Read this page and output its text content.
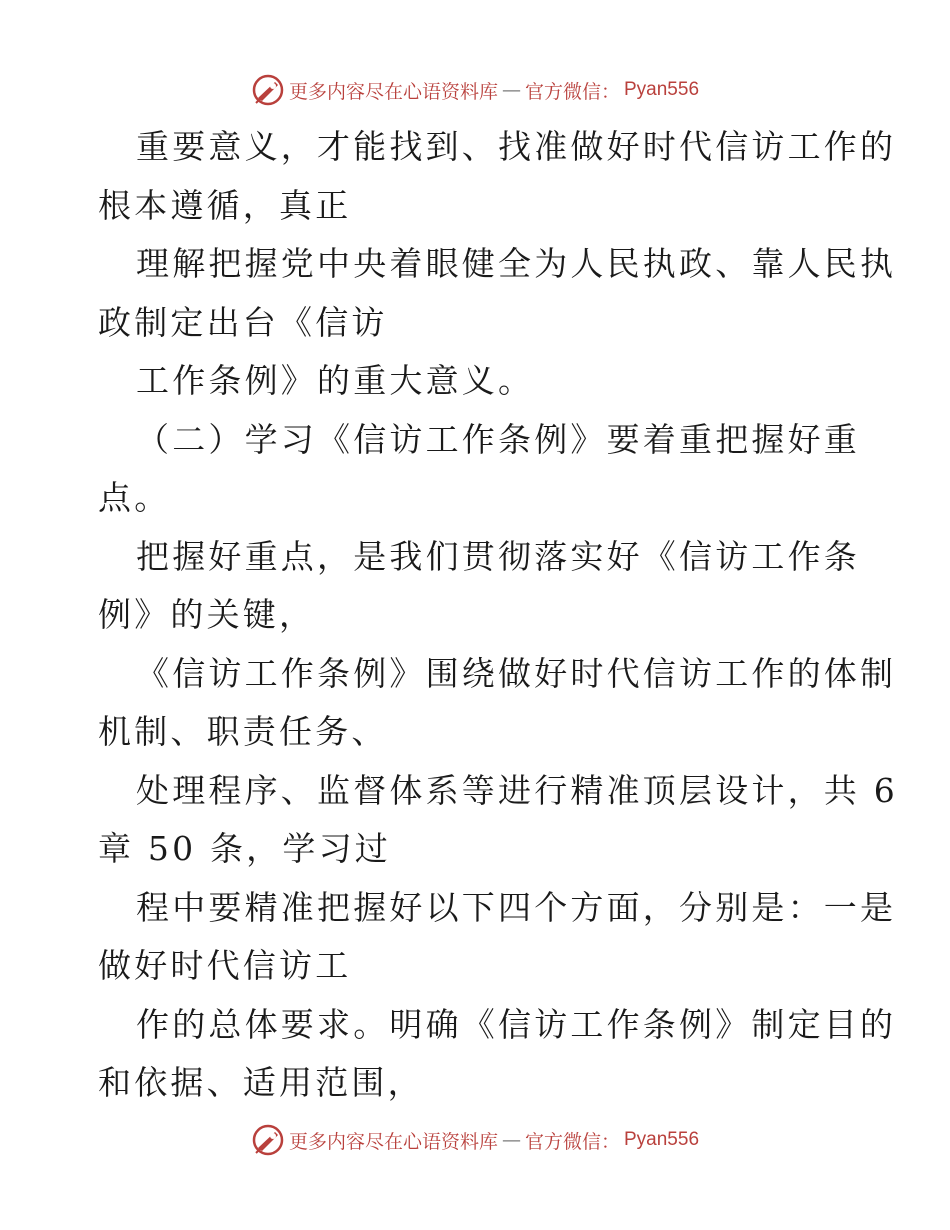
更多内容尽在心语资料库 — 官方微信： Pyan556
重要意义，才能找到、找准做好时代信访工作的
根本遵循，真正
理解把握党中央着眼健全为人民执政、靠人民执
政制定出台《信访
工作条例》的重大意义。
（二）学习《信访工作条例》要着重把握好重
点。
把握好重点，是我们贯彻落实好《信访工作条
例》的关键，
《信访工作条例》围绕做好时代信访工作的体制
机制、职责任务、
处理程序、监督体系等进行精准顶层设计，共 6
章 50 条，学习过
程中要精准把握好以下四个方面，分别是：一是
做好时代信访工
作的总体要求。明确《信访工作条例》制定目的
和依据、适用范围，
更多内容尽在心语资料库 — 官方微信： Pyan556
